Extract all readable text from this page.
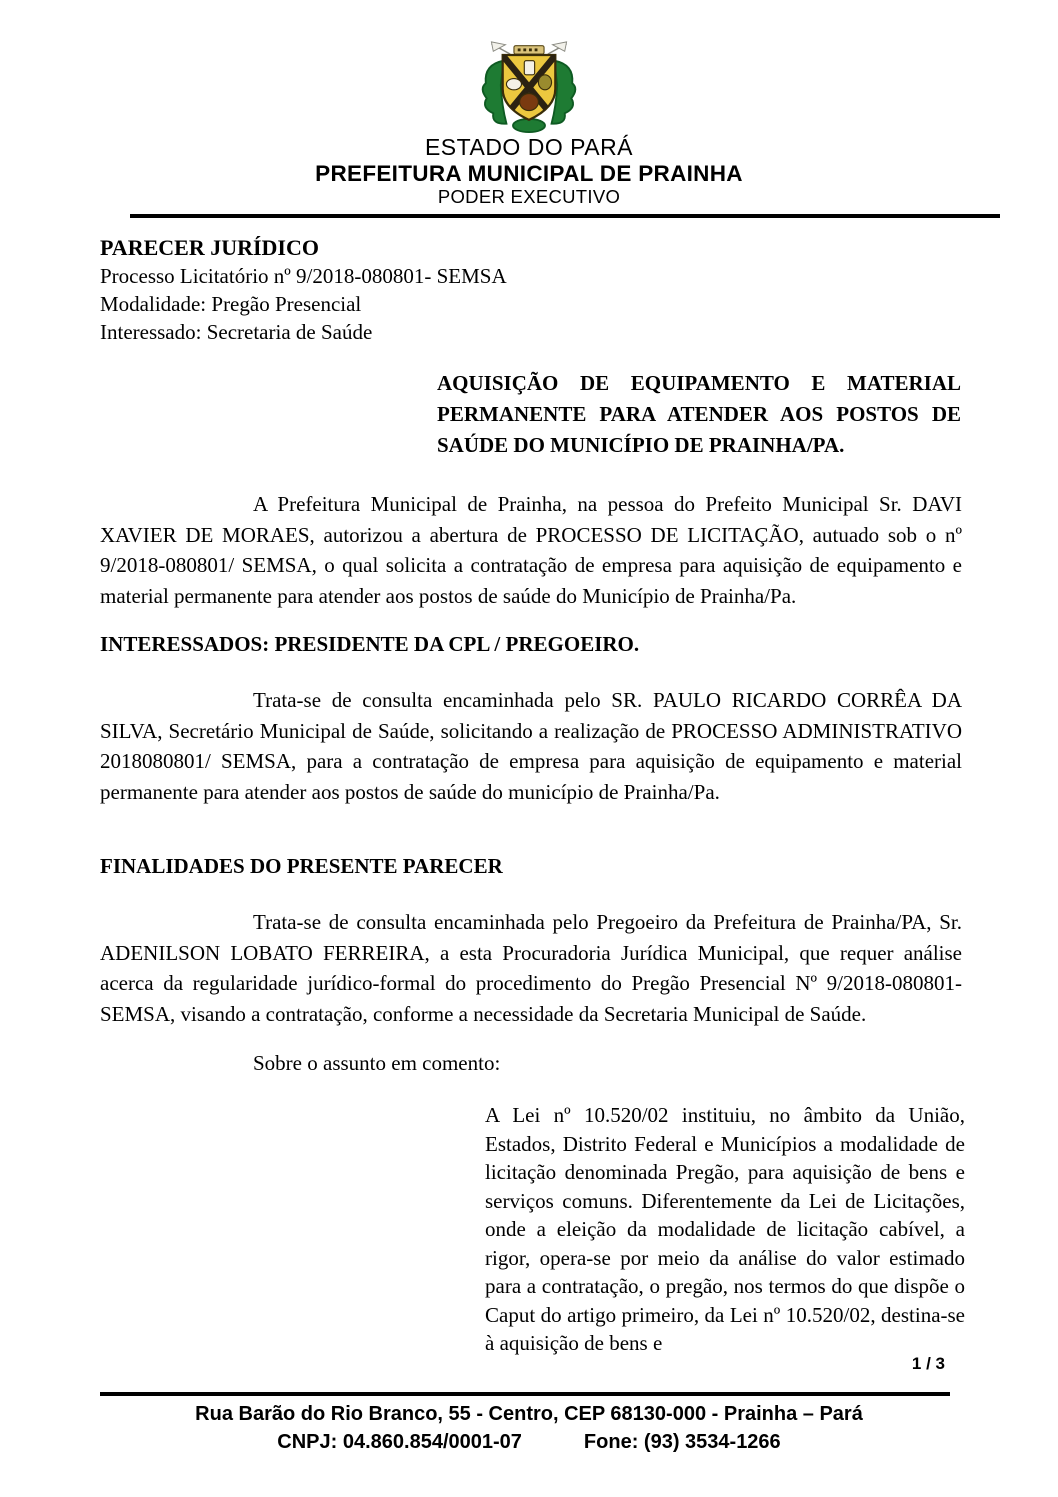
ESTADO DO PARÁ
PREFEITURA MUNICIPAL DE PRAINHA
PODER EXECUTIVO
PARECER JURÍDICO
Processo Licitatório nº 9/2018-080801- SEMSA
Modalidade: Pregão Presencial
Interessado: Secretaria de Saúde
AQUISIÇÃO DE EQUIPAMENTO E MATERIAL PERMANENTE PARA ATENDER AOS POSTOS DE SAÚDE DO MUNICÍPIO DE PRAINHA/PA.

A Prefeitura Municipal de Prainha, na pessoa do Prefeito Municipal Sr. DAVI XAVIER DE MORAES, autorizou a abertura de PROCESSO DE LICITAÇÃO, autuado sob o nº 9/2018-080801/ SEMSA, o qual solicita a contratação de empresa para aquisição de equipamento e material permanente para atender aos postos de saúde do Município de Prainha/Pa.

INTERESSADOS: PRESIDENTE DA CPL / PREGOEIRO.

Trata-se de consulta encaminhada pelo SR. PAULO RICARDO CORRÊA DA SILVA, Secretário Municipal de Saúde, solicitando a realização de PROCESSO ADMINISTRATIVO 2018080801/ SEMSA, para a contratação de empresa para aquisição de equipamento e material permanente para atender aos postos de saúde do município de Prainha/Pa.

FINALIDADES DO PRESENTE PARECER

Trata-se de consulta encaminhada pelo Pregoeiro da Prefeitura de Prainha/PA, Sr. ADENILSON LOBATO FERREIRA, a esta Procuradoria Jurídica Municipal, que requer análise acerca da regularidade jurídico-formal do procedimento do Pregão Presencial Nº 9/2018-080801- SEMSA, visando a contratação, conforme a necessidade da Secretaria Municipal de Saúde.

Sobre o assunto em comento:
A Lei nº 10.520/02 instituiu, no âmbito da União, Estados, Distrito Federal e Municípios a modalidade de licitação denominada Pregão, para aquisição de bens e serviços comuns. Diferentemente da Lei de Licitações, onde a eleição da modalidade de licitação cabível, a rigor, opera-se por meio da análise do valor estimado para a contratação, o pregão, nos termos do que dispõe o Caput do artigo primeiro, da Lei nº 10.520/02, destina-se à aquisição de bens e
1 / 3
Rua Barão do Rio Branco, 55 - Centro, CEP 68130-000 - Prainha – Pará
CNPJ: 04.860.854/0001-07	Fone: (93) 3534-1266
